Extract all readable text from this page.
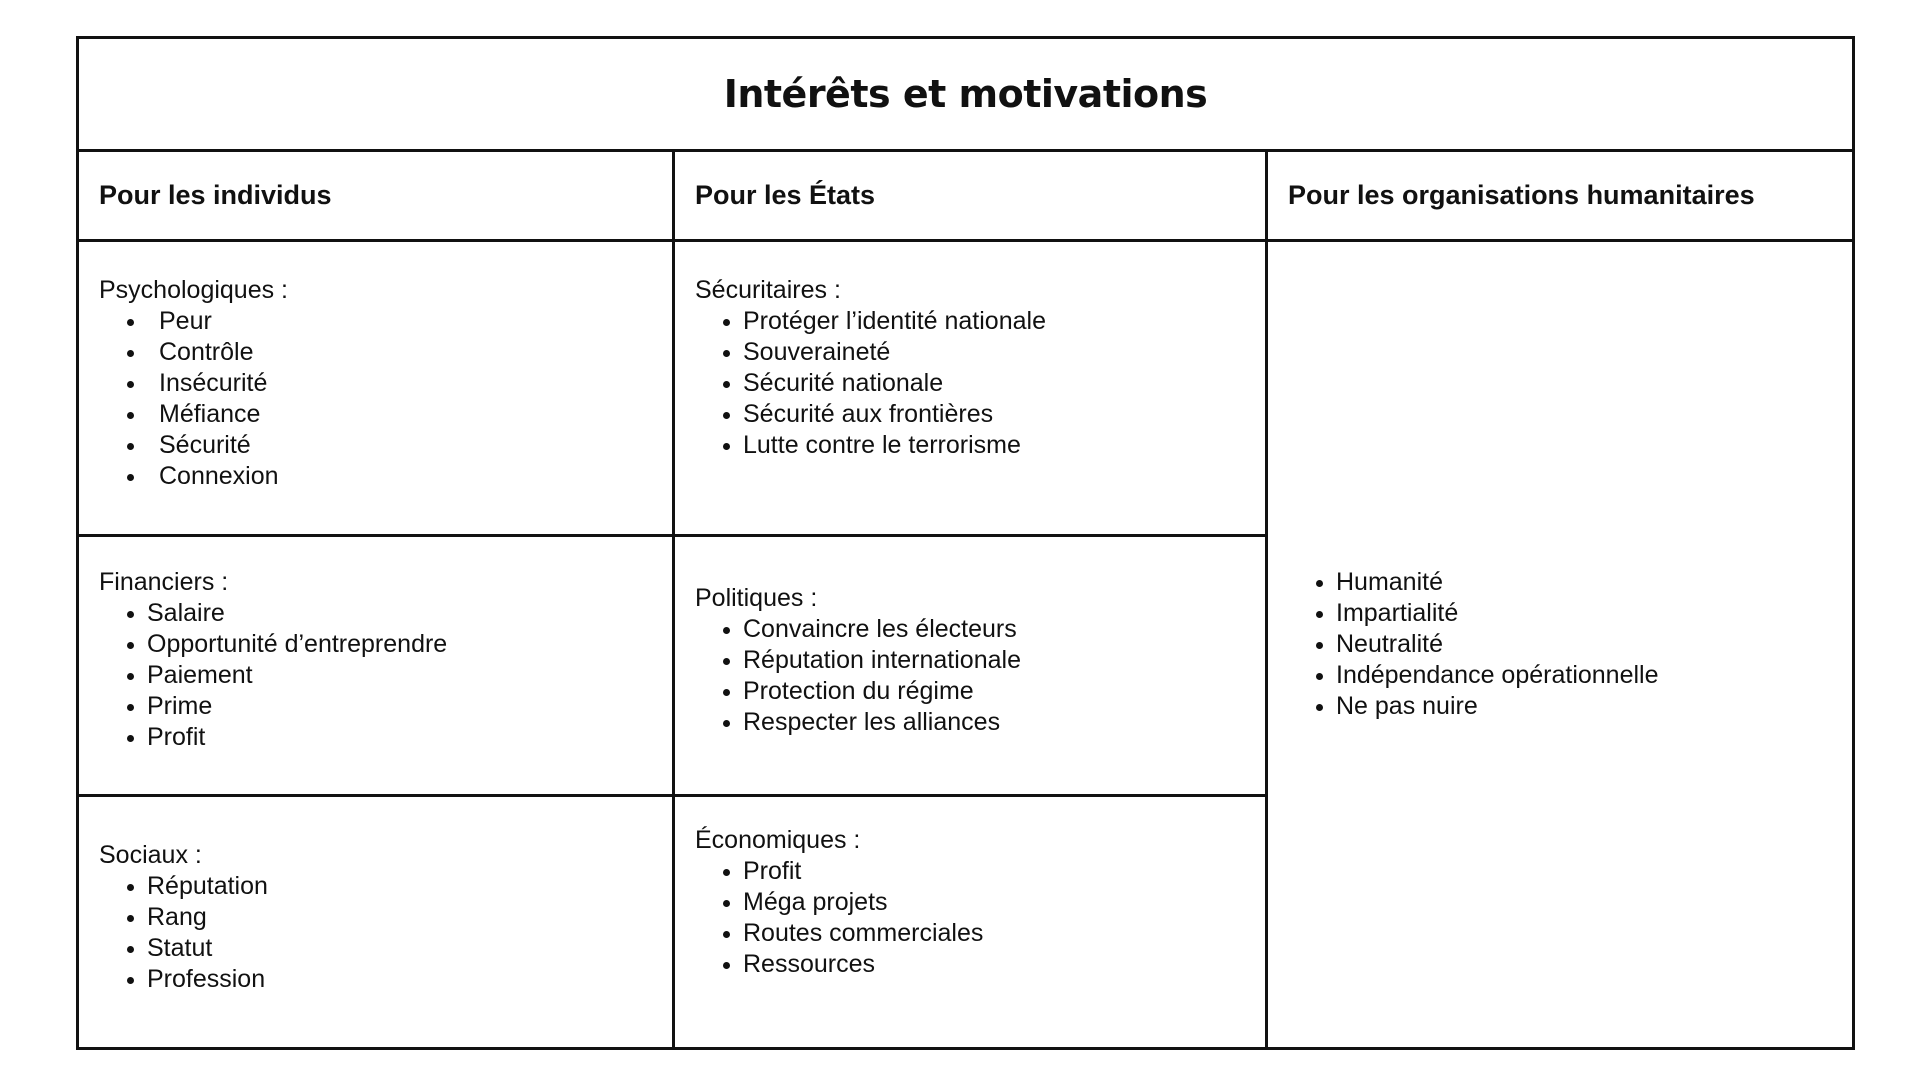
Intérêts et motivations
Pour les individus	Pour les États	Pour les organisations humanitaires
Psychologiques :
Peur
Contrôle
Insécurité
Méfiance
Sécurité
Connexion
Financiers :
Salaire
Opportunité d’entreprendre
Paiement
Prime
Profit
Sociaux :
Réputation
Rang
Statut
Profession
Sécuritaires :
Protéger l’identité nationale
Souveraineté
Sécurité nationale
Sécurité aux frontières
Lutte contre le terrorisme
Politiques :
Convaincre les électeurs
Réputation internationale
Protection du régime
Respecter les alliances
Économiques :
Profit
Méga projets
Routes commerciales
Ressources
Humanité
Impartialité
Neutralité
Indépendance opérationnelle
Ne pas nuire
